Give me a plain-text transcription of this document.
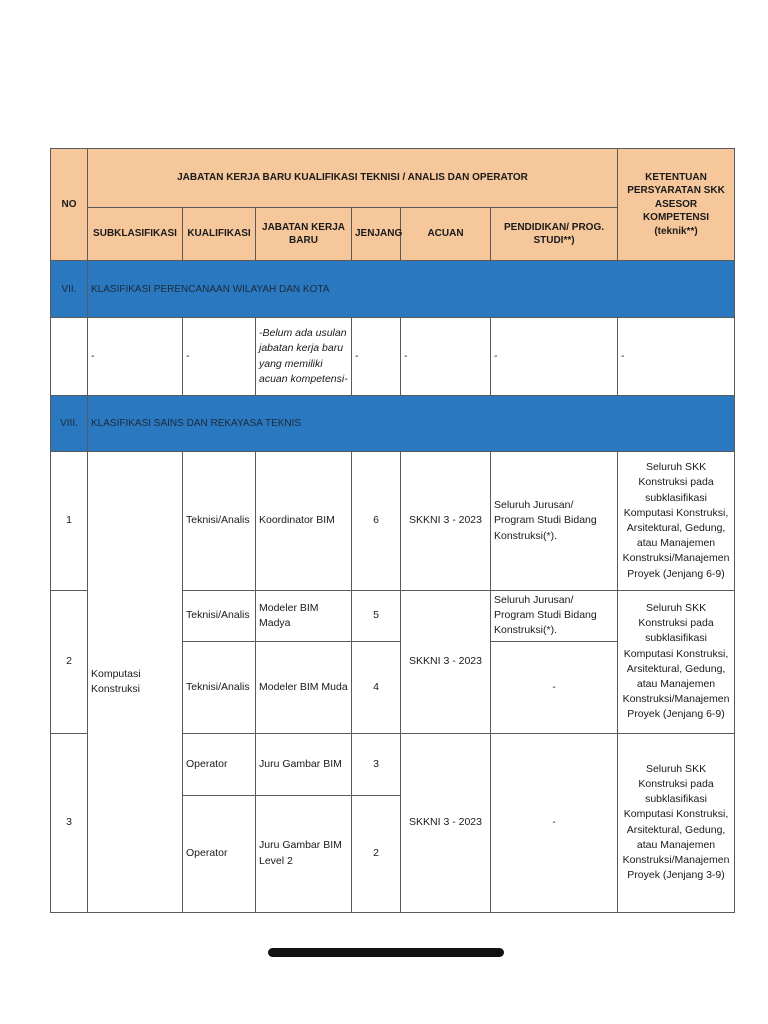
NO	JABATAN KERJA BARU KUALIFIKASI TEKNISI / ANALIS DAN OPERATOR						KETENTUAN PERSYARATAN SKK ASESOR KOMPETENSI (teknik**)
	SUBKLASIFIKASI	KUALIFIKASI	JABATAN KERJA BARU	JENJANG	ACUAN	PENDIDIKAN/ PROG. STUDI**)	
VII.	KLASIFIKASI PERENCANAAN WILAYAH DAN KOTA						
	-	-	-Belum ada usulan jabatan kerja baru yang memiliki acuan kompetensi-	-	-	-	-
VIII.	KLASIFIKASI SAINS DAN REKAYASA TEKNIS						
1	Komputasi Konstruksi	Teknisi/Analis	Koordinator BIM	6	SKKNI 3 - 2023	Seluruh Jurusan/ Program Studi Bidang Konstruksi(*).	Seluruh SKK Konstruksi pada subklasifikasi Komputasi Konstruksi, Arsitektural, Gedung, atau Manajemen Konstruksi/Manajemen Proyek (Jenjang 6-9)
2		Teknisi/Analis	Modeler BIM Madya	5	SKKNI 3 - 2023	Seluruh Jurusan/ Program Studi Bidang Konstruksi(*).	Seluruh SKK Konstruksi pada subklasifikasi Komputasi Konstruksi, Arsitektural, Gedung, atau Manajemen Konstruksi/Manajemen Proyek (Jenjang 6-9)
		Teknisi/Analis	Modeler BIM Muda	4		-	
3		Operator	Juru Gambar BIM	3	SKKNI 3 - 2023	-	Seluruh SKK Konstruksi pada subklasifikasi Komputasi Konstruksi, Arsitektural, Gedung, atau Manajemen Konstruksi/Manajemen Proyek (Jenjang 3-9)
		Operator	Juru Gambar BIM Level 2	2			
